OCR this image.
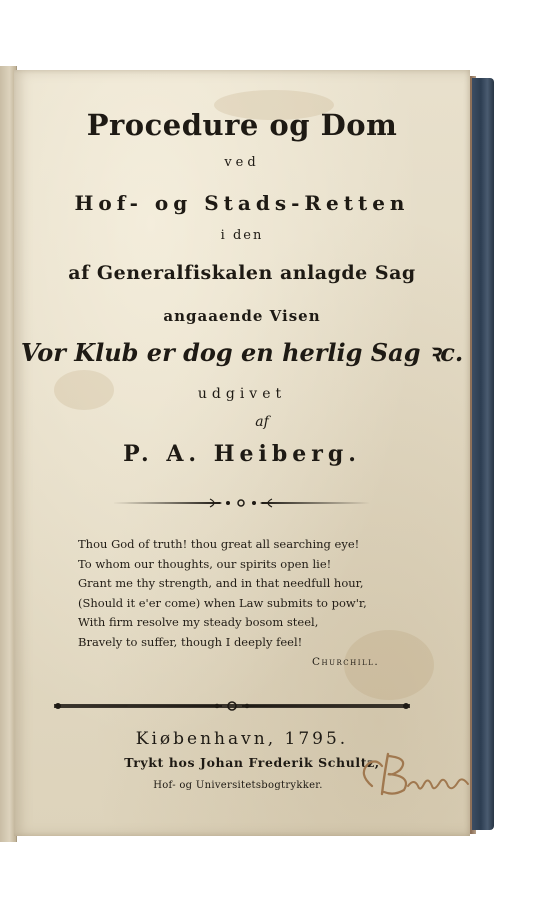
Procedure og Dom
ved
Hof- og Stads-Retten
i den
af Generalfiskalen anlagde Sag
angaaende Visen
Vor Klub er dog en herlig Sag ꝛc.
udgivet
af
P. A. Heiberg.
Thou God of truth! thou great all searching eye!
To whom our thoughts, our spirits open lie!
Grant me thy strength, and in that needfull hour,
(Should it e'er come) when Law submits to pow'r,
With firm resolve my steady bosom steel,
Bravely to suffer, though I deeply feel!
Churchill.
Kiøbenhavn, 1795.
Trykt hos Johan Frederik Schultz,
Hof- og Universitetsbogtrykker.
